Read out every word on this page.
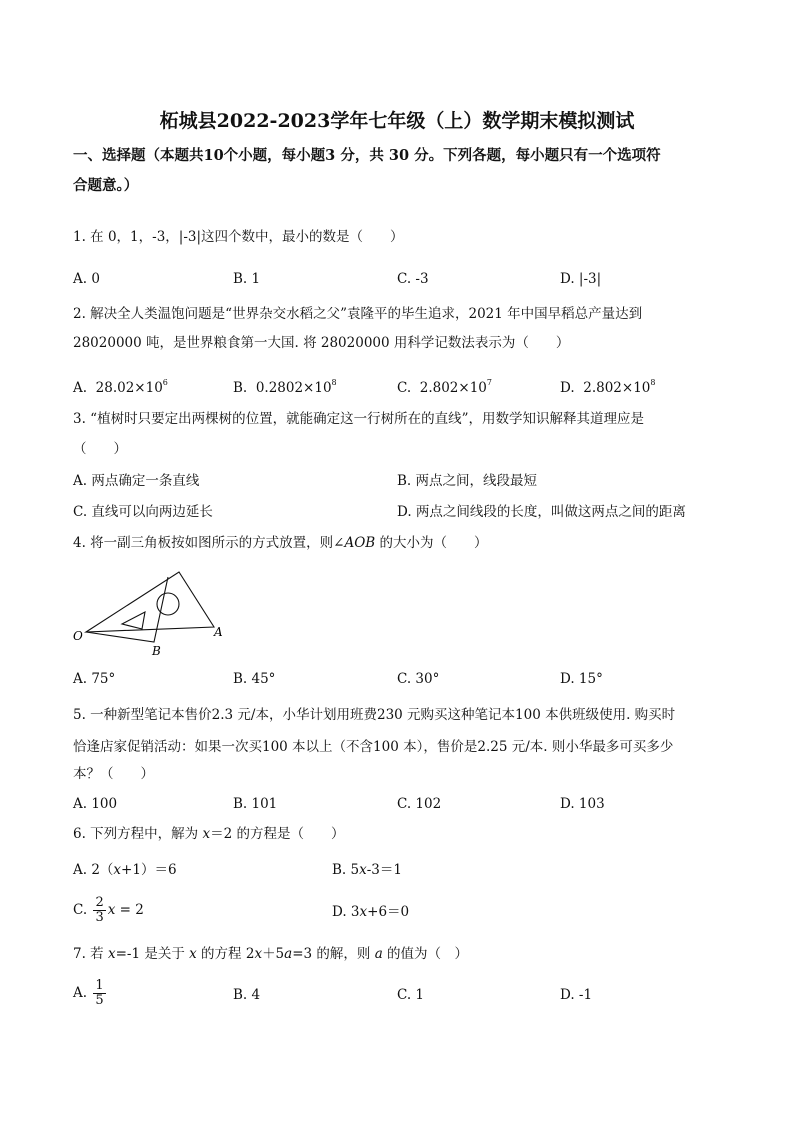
柘城县2022-2023学年七年级（上）数学期末模拟测试
一、选择题（本题共10个小题，每小题3 分，共 30 分。下列各题，每小题只有一个选项符
合题意。）
1. 在 0，1，-3，|-3|这四个数中，最小的数是（　　）
A. 0	B. 1	C. -3	D. |-3|
2. 解决全人类温饱问题是“世界杂交水稻之父”袁隆平的毕生追求，2021 年中国早稻总产量达到
28020000 吨，是世界粮食第一大国. 将 28020000 用科学记数法表示为（　　）
A. $28.02\times 10^6$	B. $0.2802\times 10^8$	C. $2.802\times 10^7$	D. $2.802\times 10^8$
3. “植树时只要定出两棵树的位置，就能确定这一行树所在的直线”，用数学知识解释其道理应是
（　　）
A. 两点确定一条直线	B. 两点之间，线段最短
C. 直线可以向两边延长	D. 两点之间线段的长度，叫做这两点之间的距离
4. 将一副三角板按如图所示的方式放置，则∠AOB 的大小为（　　）
O	A
B
A. 75°	B. 45°	C. 30°	D. 15°
5. 一种新型笔记本售价2.3 元/本，小华计划用班费230 元购买这种笔记本100 本供班级使用. 购买时
恰逢店家促销活动：如果一次买100 本以上（不含100 本），售价是2.25 元/本. 则小华最多可买多少
本？（　　）
A. 100	B. 101	C. 102	D. 103
6. 下列方程中，解为 x＝2 的方程是（　　）
A. 2（x+1）＝6	B. 5x-3＝1
C. $\frac{2}{3}$ x = 2	D. 3x+6＝0
7. 若 x=-1 是关于 x 的方程 2x＋5a=3 的解，则 a 的值为（　）
A. $\frac{1}{5}$	B. 4	C. 1	D. -1
